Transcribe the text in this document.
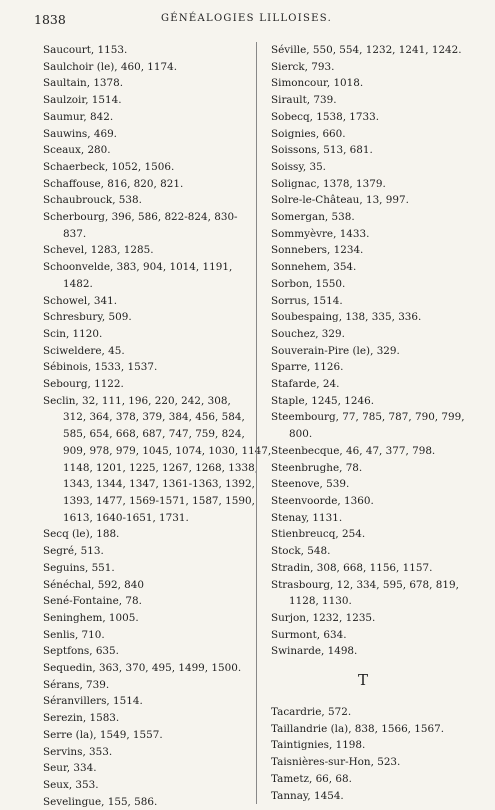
1838	GÉNÉALOGIES LILLOISES.
Saucourt, 1153.
Saulchoir (le), 460, 1174.
Saultain, 1378.
Saulzoir, 1514.
Saumur, 842.
Sauwins, 469.
Sceaux, 280.
Schaerbeck, 1052, 1506.
Schaffouse, 816, 820, 821.
Schaubrouck, 538.
Scherbourg, 396, 586, 822-824, 830-
837.
Schevel, 1283, 1285.
Schoonvelde, 383, 904, 1014, 1191,
1482.
Schowel, 341.
Schresbury, 509.
Scin, 1120.
Sciweldere, 45.
Sébinois, 1533, 1537.
Sebourg, 1122.
Seclin, 32, 111, 196, 220, 242, 308,
312, 364, 378, 379, 384, 456, 584,
585, 654, 668, 687, 747, 759, 824,
909, 978, 979, 1045, 1074, 1030, 1147,
1148, 1201, 1225, 1267, 1268, 1338,
1343, 1344, 1347, 1361-1363, 1392,
1393, 1477, 1569-1571, 1587, 1590,
1613, 1640-1651, 1731.
Secq (le), 188.
Segré, 513.
Seguins, 551.
Sénéchal, 592, 840
Sené-Fontaine, 78.
Seninghem, 1005.
Senlis, 710.
Septfons, 635.
Sequedin, 363, 370, 495, 1499, 1500.
Sérans, 739.
Séranvillers, 1514.
Serezin, 1583.
Serre (la), 1549, 1557.
Servins, 353.
Seur, 334.
Seux, 353.
Sevelingue, 155, 586.
Séville, 550, 554, 1232, 1241, 1242.
Sierck, 793.
Simoncour, 1018.
Sirault, 739.
Sobecq, 1538, 1733.
Soignies, 660.
Soissons, 513, 681.
Soissy, 35.
Solignac, 1378, 1379.
Solre-le-Château, 13, 997.
Somergan, 538.
Sommyèvre, 1433.
Sonnebers, 1234.
Sonnehem, 354.
Sorbon, 1550.
Sorrus, 1514.
Soubespaing, 138, 335, 336.
Souchez, 329.
Souverain-Pire (le), 329.
Sparre, 1126.
Stafarde, 24.
Staple, 1245, 1246.
Steembourg, 77, 785, 787, 790, 799,
800.
Steenbecque, 46, 47, 377, 798.
Steenbrughe, 78.
Steenove, 539.
Steenvoorde, 1360.
Stenay, 1131.
Stienbreucq, 254.
Stock, 548.
Stradin, 308, 668, 1156, 1157.
Strasbourg, 12, 334, 595, 678, 819,
1128, 1130.
Surjon, 1232, 1235.
Surmont, 634.
Swinarde, 1498.
T
Tacardrie, 572.
Taillandrie (la), 838, 1566, 1567.
Taintignies, 1198.
Taisnières-sur-Hon, 523.
Tametz, 66, 68.
Tannay, 1454.
